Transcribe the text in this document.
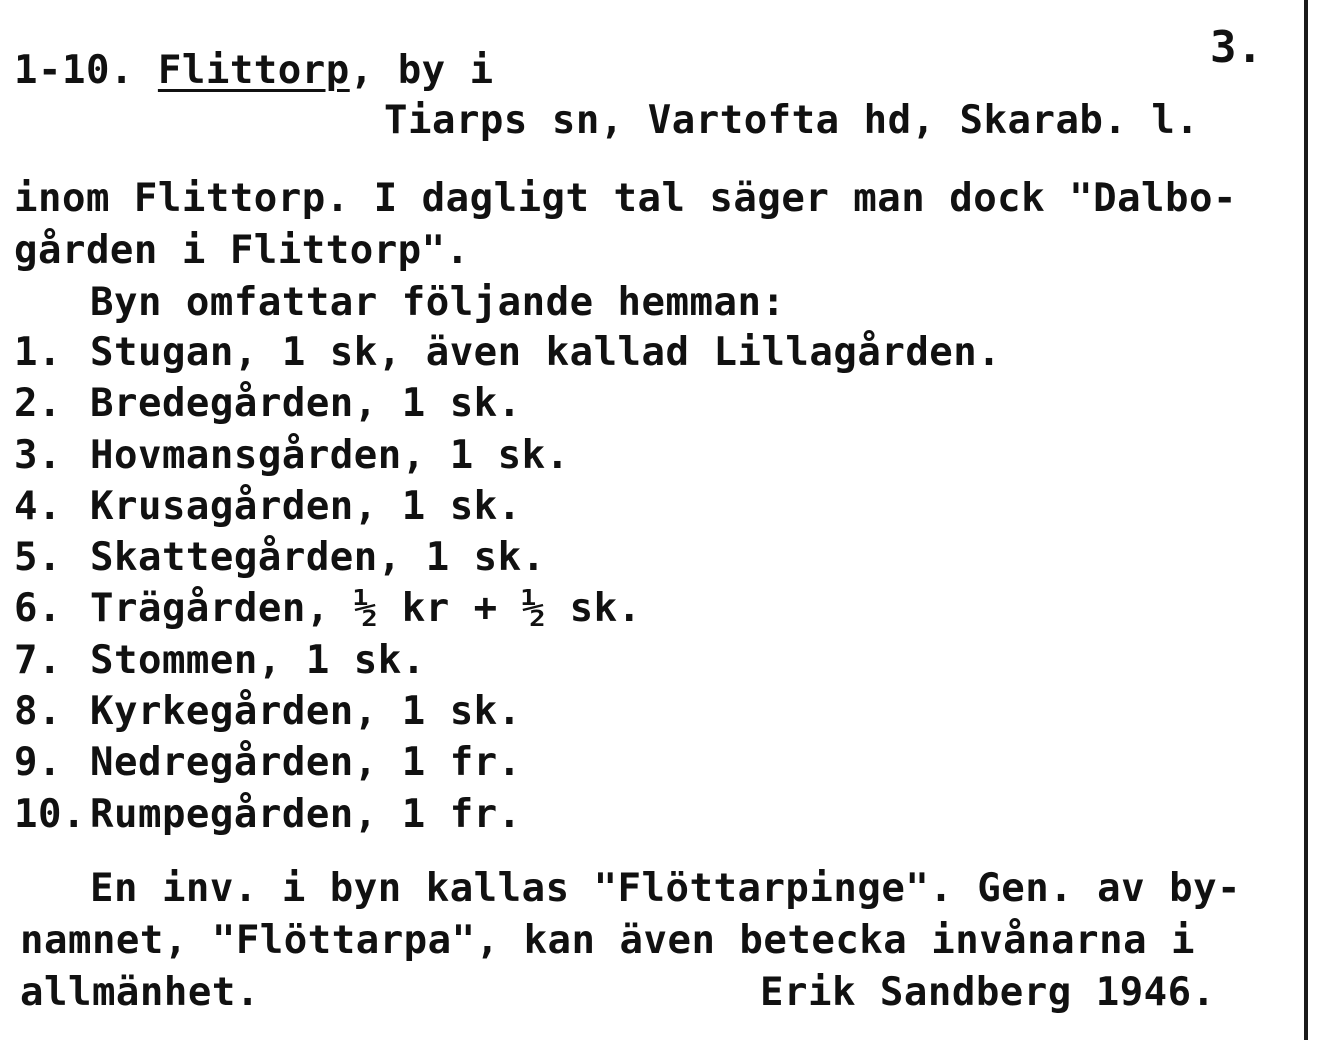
3.
1-10. Flittorp, by i
Tiarps sn, Vartofta hd, Skarab. l.
inom Flittorp. I dagligt tal säger man dock "Dalbo-
gården i Flittorp".
Byn omfattar följande hemman:
1. Stugan, 1 sk, även kallad Lillagården.
2. Bredegården, 1 sk.
3. Hovmansgården, 1 sk.
4. Krusagården, 1 sk.
5. Skattegården, 1 sk.
6. Trägården, ½ kr + ½ sk.
7. Stommen, 1 sk.
8. Kyrkegården, 1 sk.
9. Nedregården, 1 fr.
10. Rumpegården, 1 fr.
En inv. i byn kallas "Flöttarpinge". Gen. av by-
namnet, "Flöttarpa", kan även betecka invånarna i
allmänhet.	Erik Sandberg 1946.
